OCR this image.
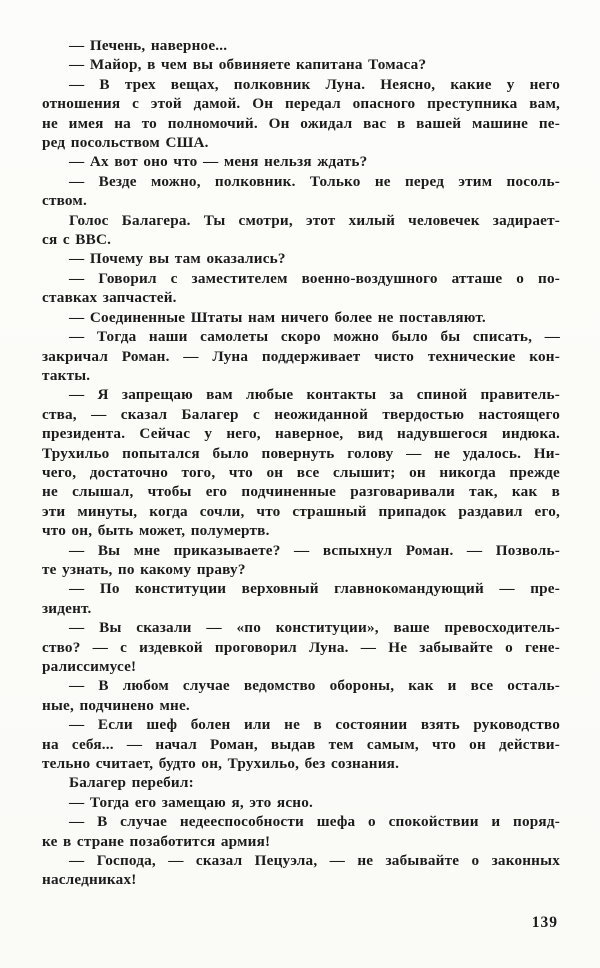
— Печень, наверное...
— Майор, в чем вы обвиняете капитана Томаса?
— В трех вещах, полковник Луна. Неясно, какие у него
отношения с этой дамой. Он передал опасного преступника вам,
не имея на то полномочий. Он ожидал вас в вашей машине пе-
ред посольством США.
— Ах вот оно что — меня нельзя ждать?
— Везде можно, полковник. Только не перед этим посоль-
ством.
Голос Балагера. Ты смотри, этот хилый человечек задирает-
ся с ВВС.
— Почему вы там оказались?
— Говорил с заместителем военно-воздушного атташе о по-
ставках запчастей.
— Соединенные Штаты нам ничего более не поставляют.
— Тогда наши самолеты скоро можно было бы списать, —
закричал Роман. — Луна поддерживает чисто технические кон-
такты.
— Я запрещаю вам любые контакты за спиной правитель-
ства, — сказал Балагер с неожиданной твердостью настоящего
президента. Сейчас у него, наверное, вид надувшегося индюка.
Трухильо попытался было повернуть голову — не удалось. Ни-
чего, достаточно того, что он все слышит; он никогда прежде
не слышал, чтобы его подчиненные разговаривали так, как в
эти минуты, когда сочли, что страшный припадок раздавил его,
что он, быть может, полумертв.
— Вы мне приказываете? — вспыхнул Роман. — Позволь-
те узнать, по какому праву?
— По конституции верховный главнокомандующий — пре-
зидент.
— Вы сказали — «по конституции», ваше превосходитель-
ство? — с издевкой проговорил Луна. — Не забывайте о гене-
ралиссимусе!
— В любом случае ведомство обороны, как и все осталь-
ные, подчинено мне.
— Если шеф болен или не в состоянии взять руководство
на себя... — начал Роман, выдав тем самым, что он действи-
тельно считает, будто он, Трухильо, без сознания.
Балагер перебил:
— Тогда его замещаю я, это ясно.
— В случае недееспособности шефа о спокойствии и поряд-
ке в стране позаботится армия!
— Господа, — сказал Пецуэла, — не забывайте о законных
наследниках!
139
